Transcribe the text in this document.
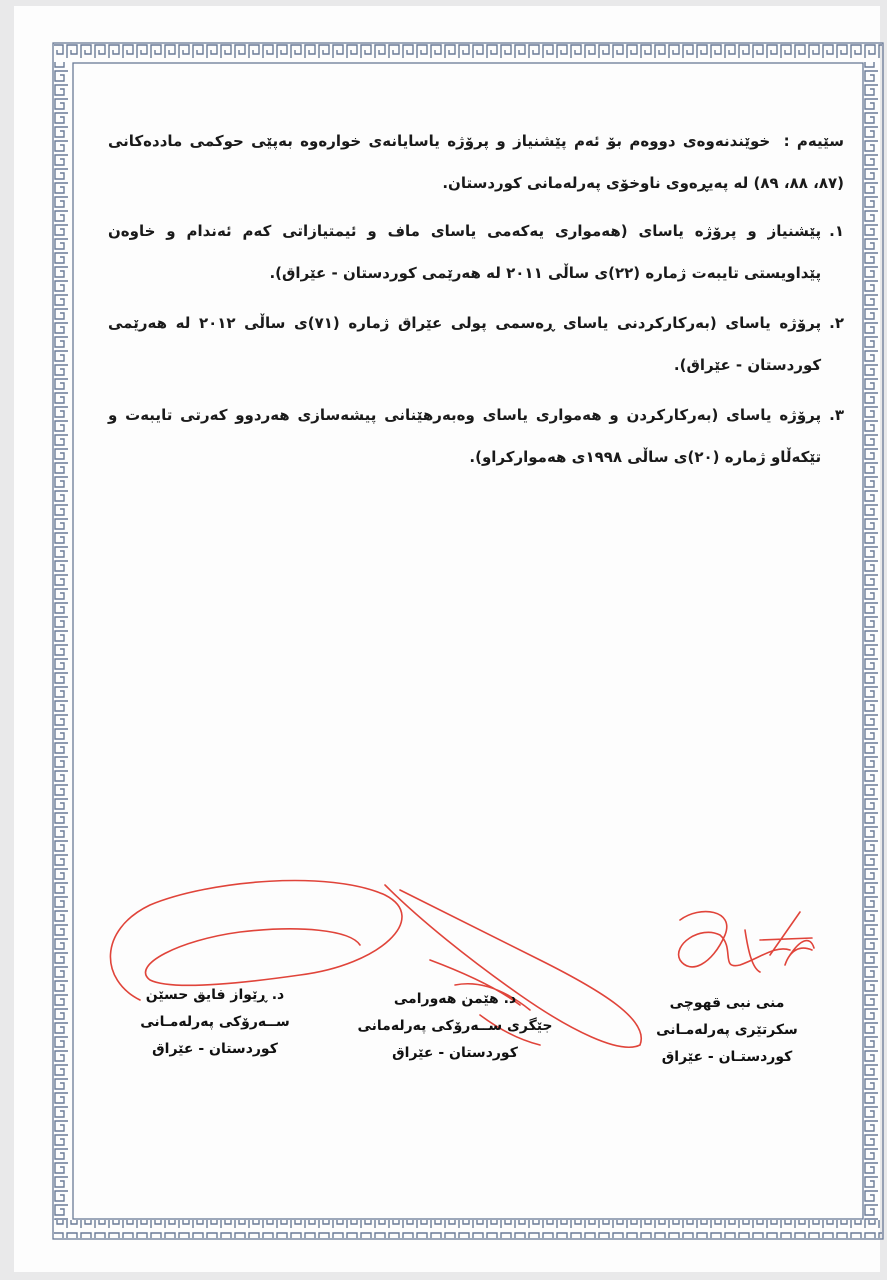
سێیەم : خوێندنەوەی دووەم بۆ ئەم پێشنیاز و پرۆژە یاسایانەی خوارەوە بەپێی حوکمی ماددەکانی (٨٧، ٨٨، ٨٩) لە پەیڕەوی ناوخۆی پەرلەمانی کوردستان.

١.
پێشنیاز و پرۆژە یاسای (هەمواری یەکەمی یاسای ماف و ئیمتیازاتی کەم ئەندام و خاوەن پێداویستی تایبەت ژمارە (٢٢)ی ساڵی ٢٠١١ لە هەرێمی کوردستان - عێراق).
٢.
پرۆژە یاسای (بەرکارکردنی یاسای ڕەسمی پولی عێراق ژمارە (٧١)ی ساڵی ٢٠١٢ لە هەرێمی کوردستان - عێراق).
٣.
پرۆژە یاسای (بەرکارکردن و هەمواری یاسای وەبەرهێنانی پیشەسازی هەردوو کەرتی تایبەت و تێکەڵاو ژمارە (٢٠)ی ساڵی ١٩٩٨ی هەموارکراو).
منى نبى قهوچى
سکرتێری پەرلەمـانی
کوردستـان - عێراق
د. هێمن هەورامی
جێگری ســەرۆکی پەرلەمانی
کوردستان - عێراق
د. ڕێواز فایق حسێن
ســەرۆکی پەرلەمـانی
کوردستان - عێراق
